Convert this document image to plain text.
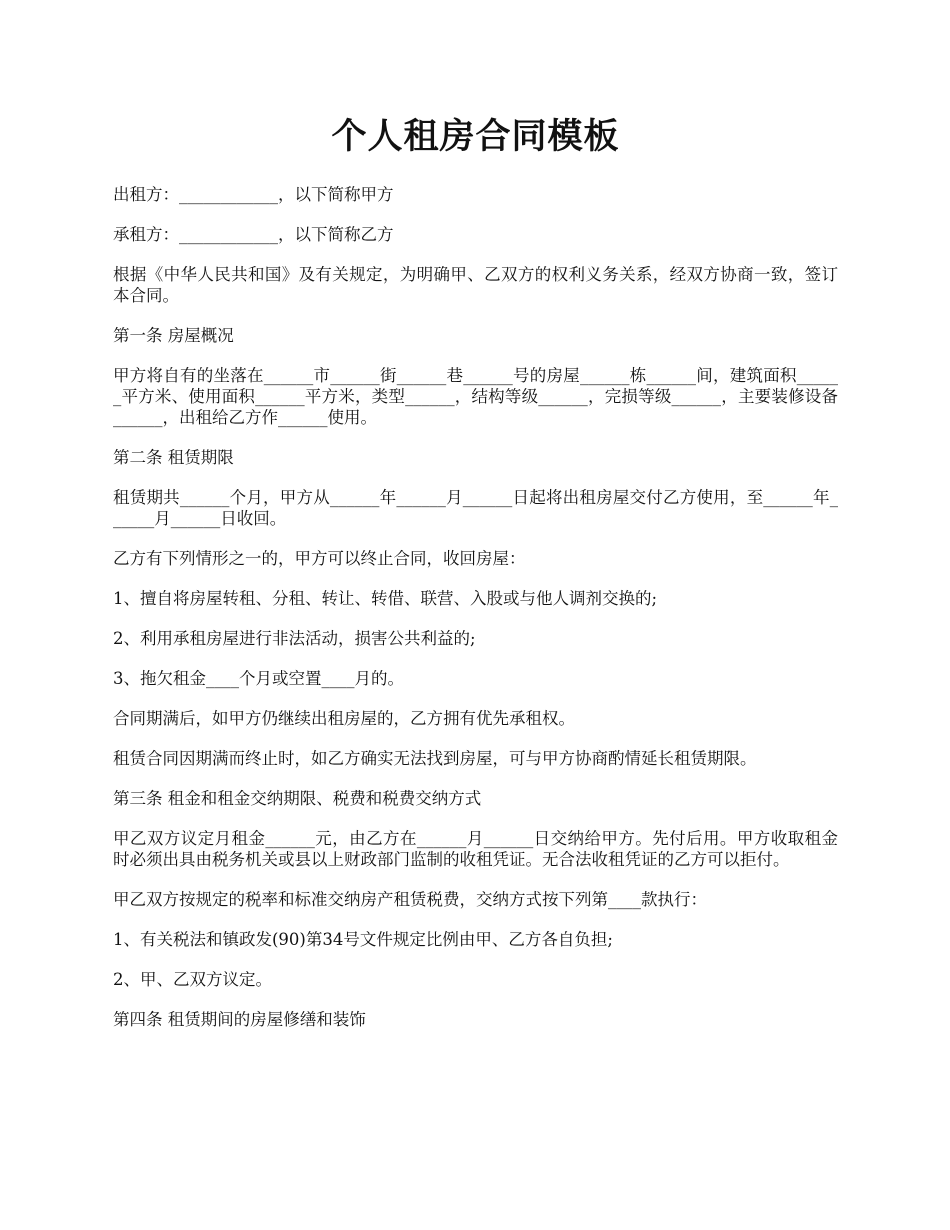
个人租房合同模板

出租方：____________，以下简称甲方

承租方：____________，以下简称乙方

根据《中华人民共和国》及有关规定，为明确甲、乙双方的权利义务关系，经双方协商一致，签订本合同。

第一条 房屋概况

甲方将自有的坐落在______市______街______巷______号的房屋______栋______间，建筑面积______平方米、使用面积______平方米，类型______，结构等级______，完损等级______，主要装修设备______，出租给乙方作______使用。

第二条 租赁期限

租赁期共______个月，甲方从______年______月______日起将出租房屋交付乙方使用，至______年______月______日收回。

乙方有下列情形之一的，甲方可以终止合同，收回房屋：

1、擅自将房屋转租、分租、转让、转借、联营、入股或与他人调剂交换的;

2、利用承租房屋进行非法活动，损害公共利益的;

3、拖欠租金____个月或空置____月的。

合同期满后，如甲方仍继续出租房屋的，乙方拥有优先承租权。

租赁合同因期满而终止时，如乙方确实无法找到房屋，可与甲方协商酌情延长租赁期限。

第三条 租金和租金交纳期限、税费和税费交纳方式

甲乙双方议定月租金______元，由乙方在______月______日交纳给甲方。先付后用。甲方收取租金时必须出具由税务机关或县以上财政部门监制的收租凭证。无合法收租凭证的乙方可以拒付。

甲乙双方按规定的税率和标准交纳房产租赁税费，交纳方式按下列第____款执行：

1、有关税法和镇政发(90)第34号文件规定比例由甲、乙方各自负担;

2、甲、乙双方议定。

第四条 租赁期间的房屋修缮和装饰
